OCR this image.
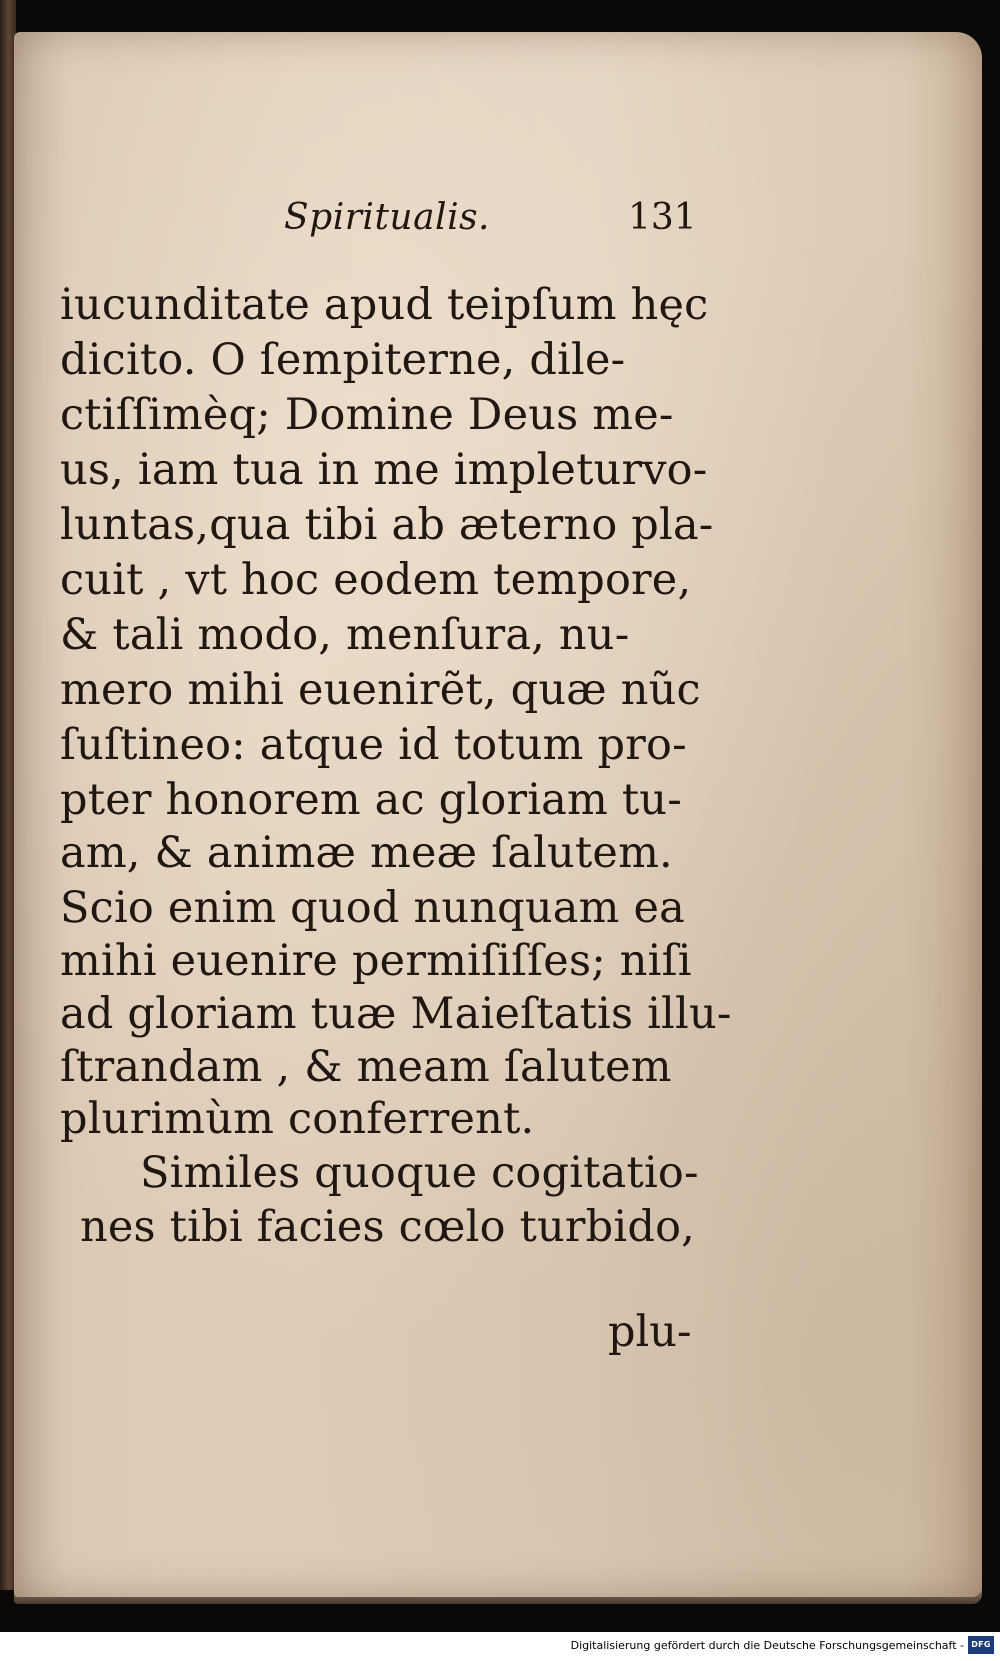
Spiritualis.	131
iucunditate apud teipſum hęc
dicito. O ſempiterne, dile-
ctiſſimèq; Domine Deus me-
us, iam tua in me impleturvo-
luntas,qua tibi ab æterno pla-
cuit , vt hoc eodem tempore,
& tali modo, menſura, nu-
mero mihi euenirẽt, quæ nũc
ſuſtineo: atque id totum pro-
pter honorem ac gloriam tu-
am, & animæ meæ ſalutem.
Scio enim quod nunquam ea
mihi euenire permiſiſſes; niſi
ad gloriam tuæ Maieſtatis illu-
ſtrandam , & meam ſalutem
plurimùm conferrent.
Similes quoque cogitatio-
nes tibi facies cœlo turbido,
plu-
Digitalisierung gefördert durch die Deutsche Forschungsgemeinschaft - DFG
